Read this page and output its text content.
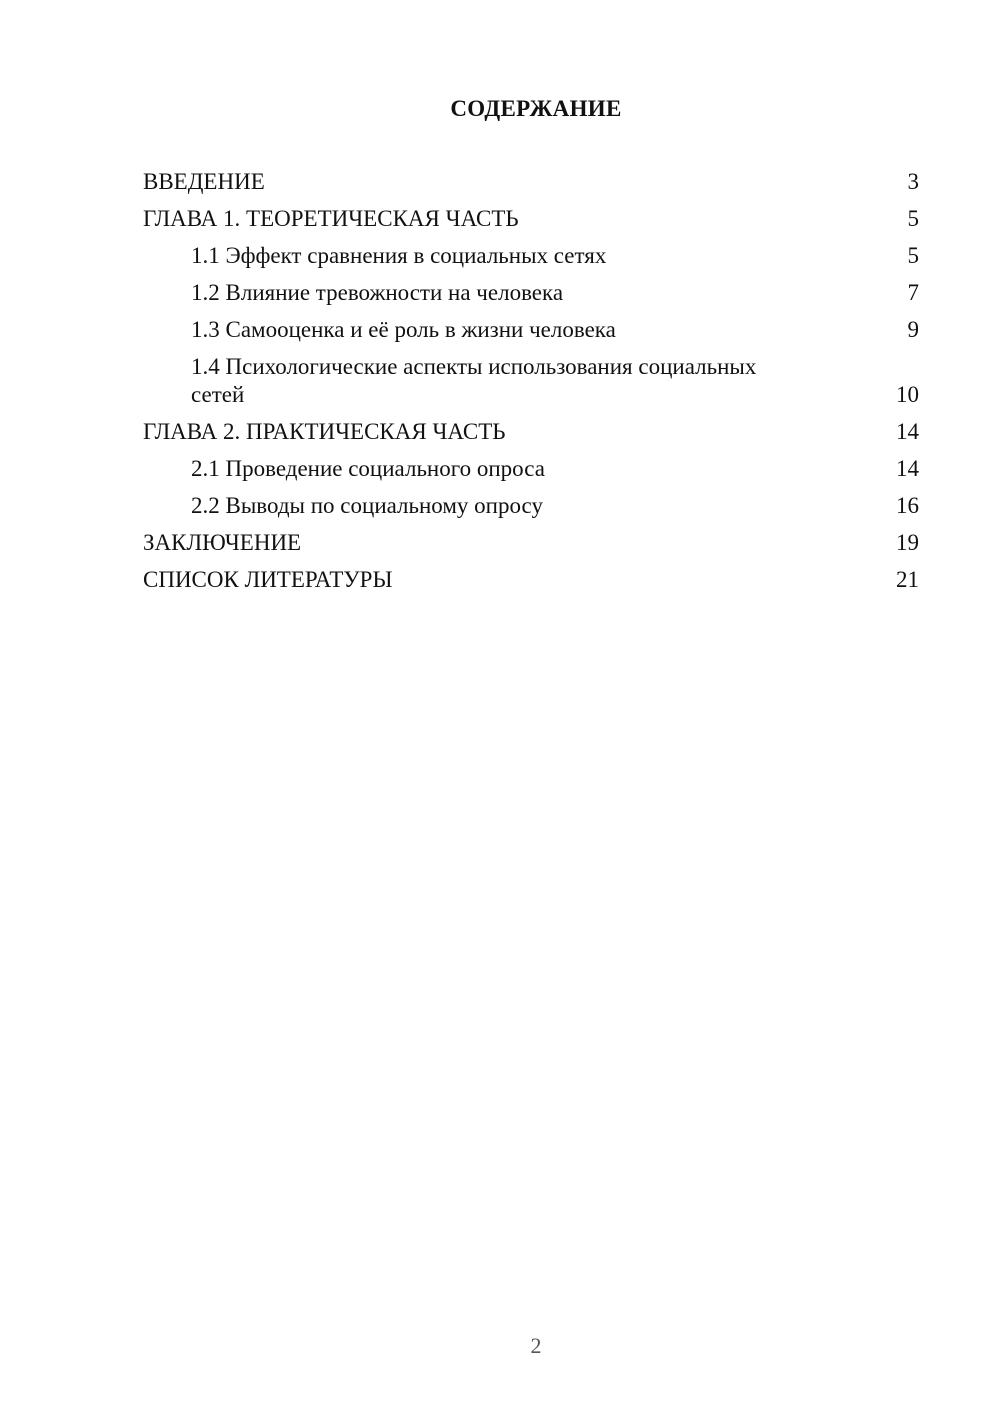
СОДЕРЖАНИЕ
ВВЕДЕНИЕ	3
ГЛАВА 1. ТЕОРЕТИЧЕСКАЯ ЧАСТЬ	5
1.1 Эффект сравнения в социальных сетях	5
1.2 Влияние тревожности на человека	7
1.3 Самооценка и её роль в жизни человека	9
1.4 Психологические аспекты использования социальных сетей	10
ГЛАВА 2. ПРАКТИЧЕСКАЯ ЧАСТЬ	14
2.1 Проведение социального опроса	14
2.2 Выводы по социальному опросу	16
ЗАКЛЮЧЕНИЕ	19
СПИСОК ЛИТЕРАТУРЫ	21
2
